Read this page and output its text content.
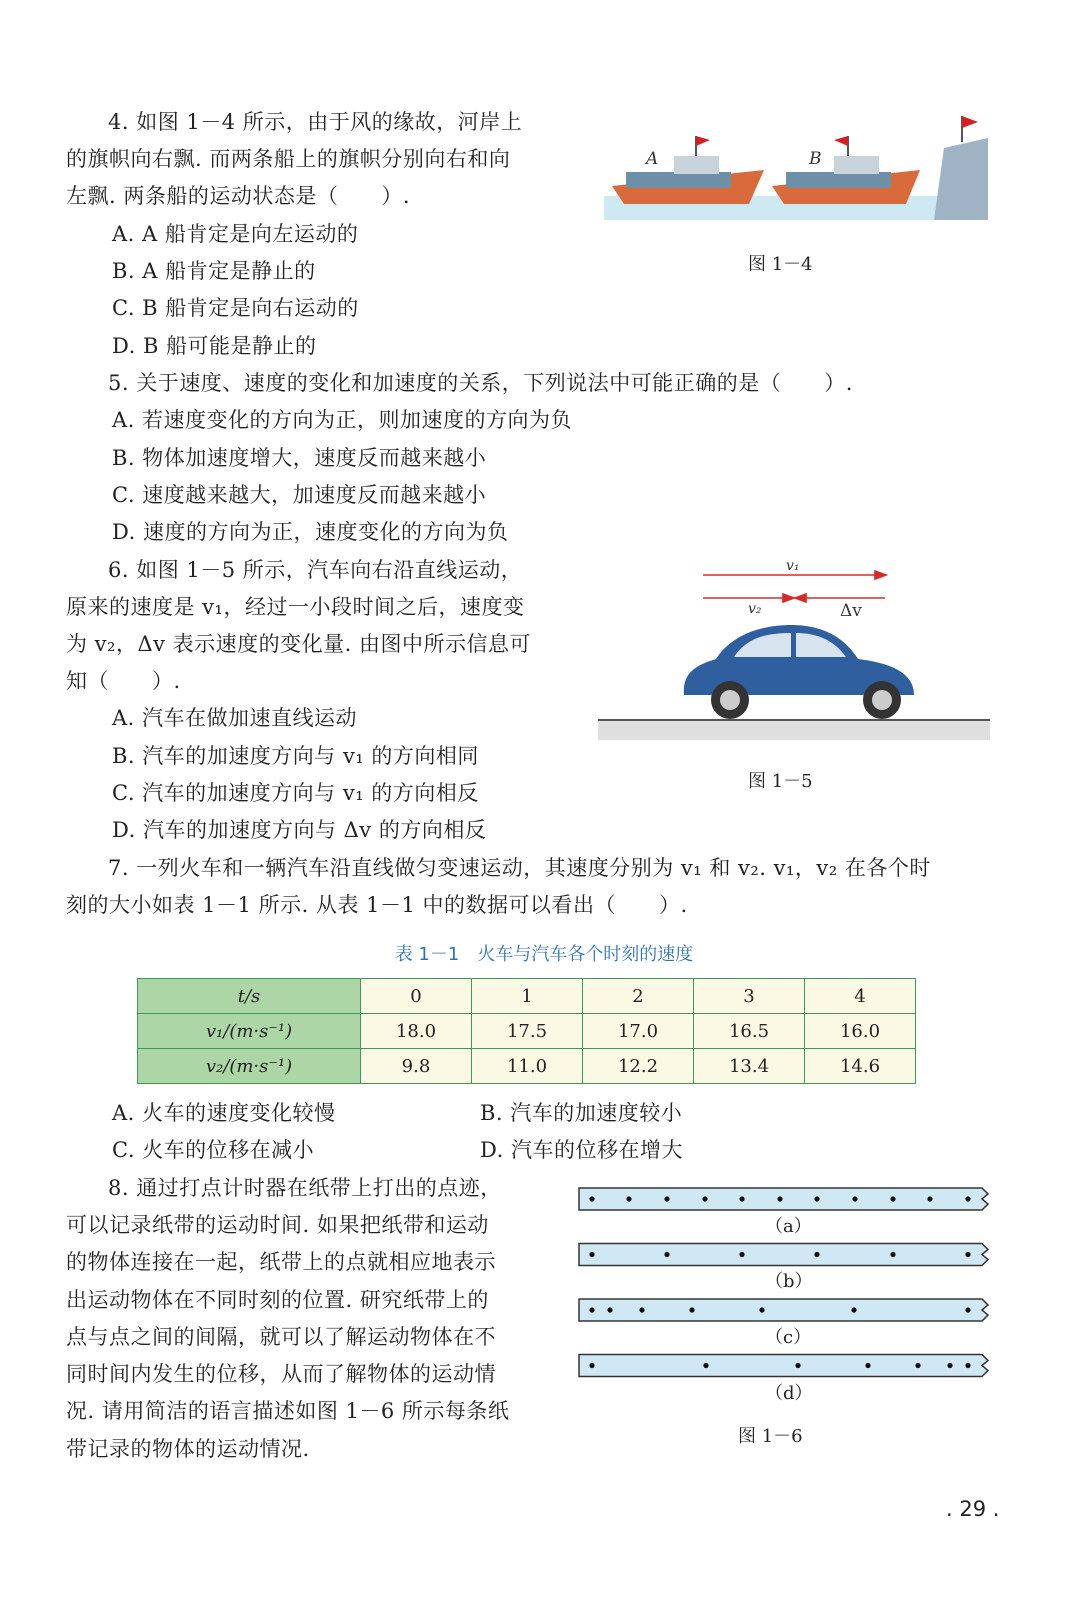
4. 如图 1－4 所示，由于风的缘故，河岸上
的旗帜向右飘. 而两条船上的旗帜分别向右和向
左飘. 两条船的运动状态是（　　）.
A. A 船肯定是向左运动的
B. A 船肯定是静止的
C. B 船肯定是向右运动的
D. B 船可能是静止的
A	B
图 1－4
5. 关于速度、速度的变化和加速度的关系，下列说法中可能正确的是（　　）.
A. 若速度变化的方向为正，则加速度的方向为负
B. 物体加速度增大，速度反而越来越小
C. 速度越来越大，加速度反而越来越小
D. 速度的方向为正，速度变化的方向为负
6. 如图 1－5 所示，汽车向右沿直线运动，
原来的速度是 v₁，经过一小段时间之后，速度变
为 v₂，Δv 表示速度的变化量. 由图中所示信息可
知（　　）.
A. 汽车在做加速直线运动
B. 汽车的加速度方向与 v₁ 的方向相同
C. 汽车的加速度方向与 v₁ 的方向相反
D. 汽车的加速度方向与 Δv 的方向相反
v₁
v₂	Δv
图 1－5
7. 一列火车和一辆汽车沿直线做匀变速运动，其速度分别为 v₁ 和 v₂. v₁，v₂ 在各个时
刻的大小如表 1－1 所示. 从表 1－1 中的数据可以看出（　　）.
表 1－1　火车与汽车各个时刻的速度
t/s	0	1	2	3	4
v₁/(m·s⁻¹)	18.0	17.5	17.0	16.5	16.0
v₂/(m·s⁻¹)	9.8	11.0	12.2	13.4	14.6
A. 火车的速度变化较慢	B. 汽车的加速度较小
C. 火车的位移在减小	D. 汽车的位移在增大
8. 通过打点计时器在纸带上打出的点迹，
可以记录纸带的运动时间. 如果把纸带和运动
的物体连接在一起，纸带上的点就相应地表示
出运动物体在不同时刻的位置. 研究纸带上的
点与点之间的间隔，就可以了解运动物体在不
同时间内发生的位移，从而了解物体的运动情
况. 请用简洁的语言描述如图 1－6 所示每条纸
带记录的物体的运动情况.
（a）
（b）
（c）
（d）
图 1－6
. 29 .
